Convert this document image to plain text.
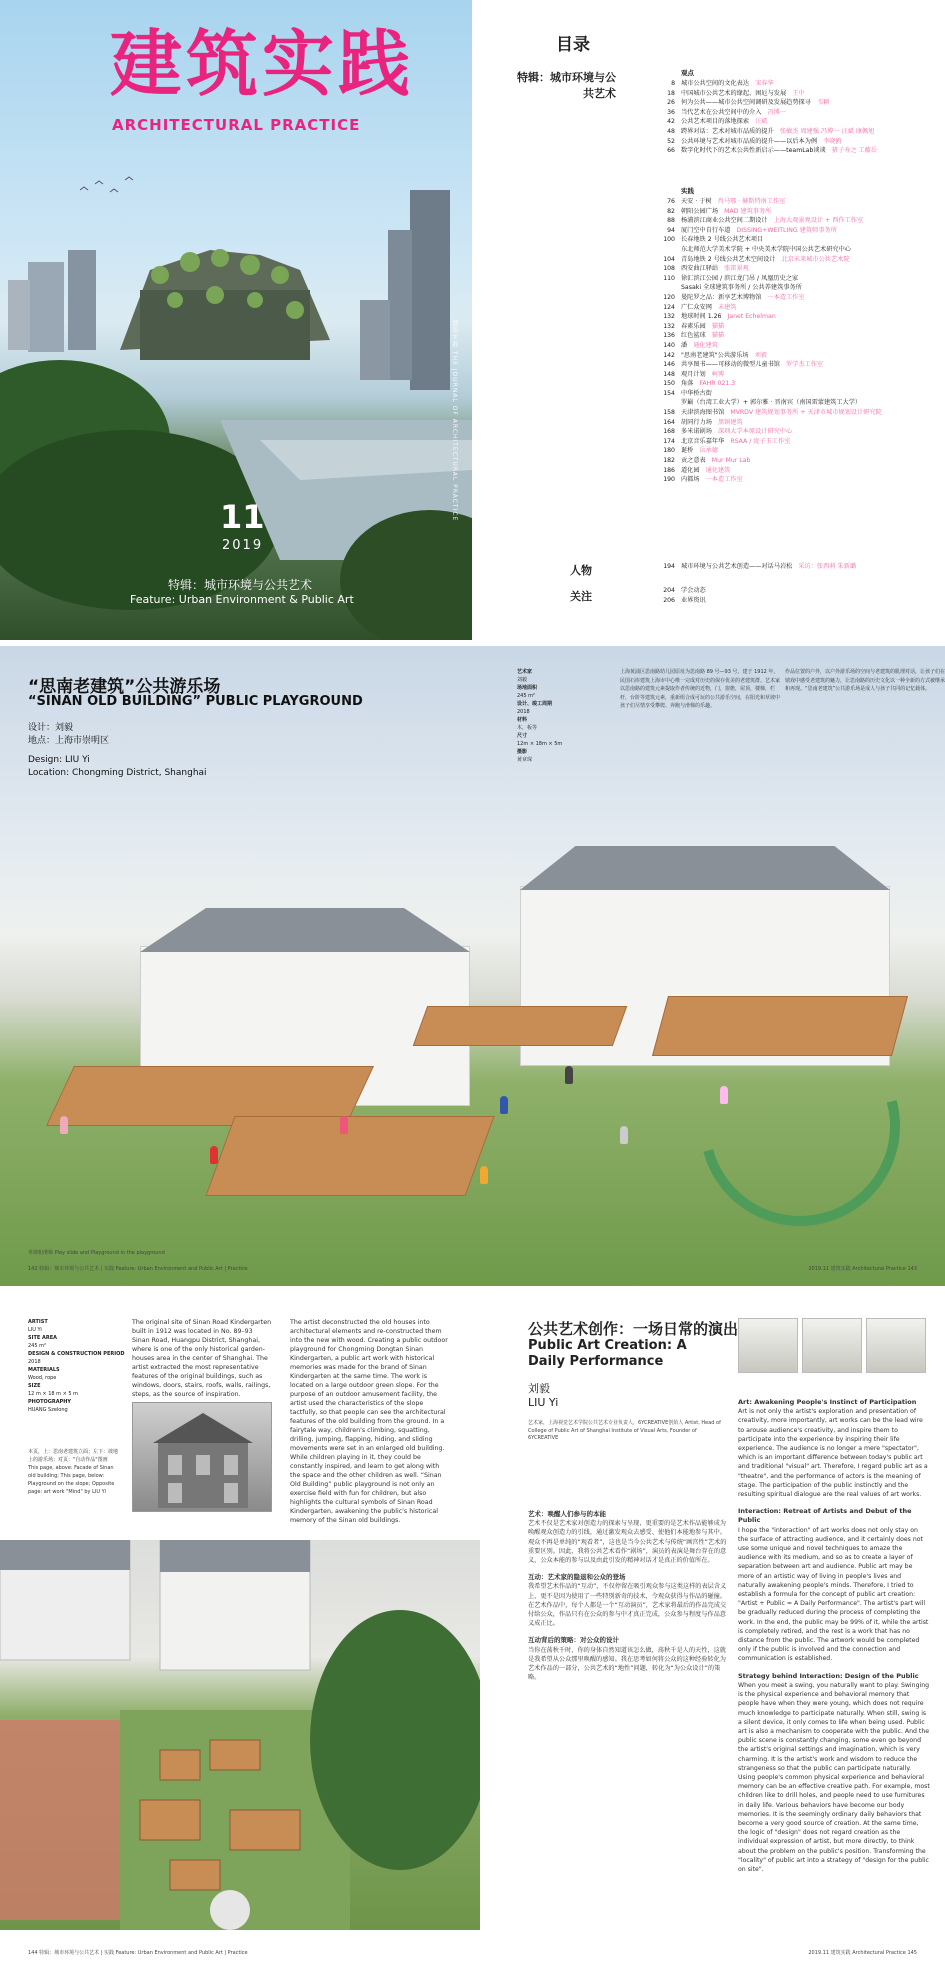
建筑实践
ARCHITECTURAL PRACTICE
11
2019
特辑：城市环境与公共艺术
Feature: Urban Environment & Public Art
建筑实践 THE JOURNAL OF ARCHITECTURAL PRACTICE
目录
特辑：城市环境与公共艺术
观点
8 城市公共空间的文化表达 宋春华
18 中国城市公共艺术的缘起、困厄与发展 王中
26 何为公共——城市公共空间调研及发展趋势探寻 韦颖
36 当代艺术在公共空间中的介入 冯博一
42 公共艺术项目的落地探索 汪斌
48 跨界对话：艺术对城市品质的提升 张敏杰 周建强 冯博一 汪斌 康佩旭
52 公共环境与艺术对城市品质的提升——以后本为例 李晓鸥
66 数字化时代下的艺术公共性新启示——teamLab谈谈 猪子寿之 工藤岳
实践
76 天安 · 于树 肖马鄂 · 赫斯特南工作室
82 朝阳公园广场 MAD 建筑事务所
88 杨浦滨江商业公共空间二期设计 上海大观景观设计 + 西作工作室
94 厦门空中自行车道 DISSING+WEITLING 建筑师事务所
100 长春地铁 2 号线公共艺术项目
东北师范大学美术学院 + 中央美术学院中国公共艺术研究中心
104 青岛地铁 2 号线公共艺术空间设计 北京未来城市公共艺术院
108 西安曲江驿站 张雷景观
110 徐汇滨江公园 / 滨江龙门吊 / 凤凰历史之家
Sasaki 全球建筑事务所 / 公共养建筑事务所
120 曼陀罗之品：新享艺术博物馆 一本造工作室
124 广仁众安网 未建筑
132 地球时间 1.26 Janet Echelman
132 春素乐园 猫猫
136 红色鲨球 猫猫
140 潘 通化建筑
142 "思南老建筑"公共游乐场 刘毅
146 共享图书——可移动的微型儿童书馆 罗学杰工作室
148 观月计划 柯博
150 角落 FAHR 021.3
154 中华桥古街
罗巅（台湾工业大学）+ 郭尔雅 · 晋南宾（南国雷蒙建筑工大学）
158 天津滨海图书馆 MVRDV 建筑规划事务所 + 天津市城市规划设计研究院
164 胡同行力场 黑镇建筑
168 多米诺剧场 深圳大学本原设计研究中心
174 北京音乐嘉年华 RSAA / 庞子玉工作室
180 诞桥 岳承德
182 贡之意表 Mur Mur Lab
186 道化园 通化建筑
190 内都场 一本造工作室
人物	194 城市环境与公共艺术创造——对话马岩松 采访：张西莉 朱新璐
关注	204 学会动态
206 业界资讯
“思南老建筑”公共游乐场
“SINAN OLD BUILDING” PUBLIC PLAYGROUND
设计：刘毅
地点：上海市崇明区
Design: LIU Yi
Location: Chongming District, Shanghai
艺术家
刘毅
场地面积
245 m²
设计、竣工周期
2018
材料
木，板等
尺寸
12m × 18m × 5m
摄影
黄章琛
上海黄浦区思南路幼儿园原址为思南路 89 号—93 号，建于 1912 年，民国石库建筑上海市中心唯一完成对历史的保存优美的老建筑群。艺术家以思南路的建筑元素提取作者传统的近物，门，窗檐，屋顶，楼梯，栏杆，台阶等建筑元素，重新组合成可玩的公共游乐空间，在阳光和草坡中孩子们尽情享受攀爬、奔跑与滑梯的乐趣。
作品位置的户外，以户外游乐场的空间与老建筑的肌理对话，让孩子们在嬉戏中感受老建筑的魅力，让思南路的历史文化以一种全新的方式被继承和再现。“思南老建筑”公共游乐场是成人与孩子共同的记忆载体。
草坡和滑梯 Play slide and Playground in the playground
142 特辑：城市环境与公共艺术 | 实践 Feature: Urban Environment and Public Art | Practice	2019.11 建筑实践 Architectural Practice 143
ARTIST
LIU Yi
SITE AREA
245 m²
DESIGN & CONSTRUCTION PERIOD
2018
MATERIALS
Wood, rope
SIZE
12 m × 18 m × 5 m
PHOTOGRAPHY
HUANG Szelong
The original site of Sinan Road Kindergarten built in 1912 was located in No. 89–93 Sinan Road, Huangpu District, Shanghai, where is one of the only historical garden-houses area in the center of Shanghai. The artist extracted the most representative features of the original buildings, such as windows, doors, stairs, roofs, walls, railings, steps, as the source of inspiration.
The artist deconstructed the old houses into architectural elements and re-constructed them into the new with wood. Creating a public outdoor playground for Chongming Dongtan Sinan Kindergarten, a public art work with historical memories was made for the brand of Sinan Kindergarten at the same time. The work is located on a large outdoor green slope. For the purpose of an outdoor amusement facility, the artist used the characteristics of the slope tactfully, so that people can see the architectural features of the old building from the ground. In a fairytale way, children's climbing, squatting, drilling, jumping, flapping, hiding, and sliding movements were set in an enlarged old building. While children playing in it, they could be constantly inspired, and learn to get along with the space and the other children as well. “Sinan Old Building” public playground is not only an exercise field with fun for children, but also highlights the cultural symbols of Sinan Road Kindergarten, awakening the public's historical memory of the Sinan old buildings.
本页，上：思南老建筑立面；左下：坡地上的游乐场；对页："自动作品"图画 This page, above: Facade of Sinan old building; This page, below: Playground on the slope; Opposite page: art work "Mind" by LIU Yi
公共艺术创作：一场日常的演出
Public Art Creation: A Daily Performance
刘毅
LIU Yi
艺术家，上海视觉艺术学院公共艺术专业负责人，6YCREATIVE创始人 Artist, Head of College of Public Art of Shanghai Institute of Visual Arts, Founder of 6YCREATIVE
艺术：唤醒人们参与的本能
艺术不仅是艺术家对创造力的探索与呈现，更重要的是艺术作品能够成为唤醒观众创造力的引线，通过激发观众去感受、使他们本能地参与其中。观众不再是单纯的“观看者”，这也是当今公共艺术与传统“画宫性”艺术的重要区别。因此，我将公共艺术看作“剧场”，演员的表演是舞台存在的意义，公众本能的参与以及由此引发的精神对话才是真正的价值所在。
互动：艺术家的隐退和公众的登场
我希望艺术作品的“互动”，不仅停留在吸引观众参与这类这样的表层含义上，更不是因为使用了一些特别新奇的技术，令观众获得与作品的碰撞。在艺术作品中，每个人都是一个“互动演员”，艺术家将最后的作品完成交付给公众，作品只有在公众的参与中才真正完成，公众参与程度与作品意义成正比。
互动背后的策略：对公众的设计
当你在荡秋千时，你的身体自然知道该怎么做，荡秋千是人的天性，这就是我希望从公众那里唤醒的感知。我在思考如何将公众的这种经验转化为艺术作品的一部分，公共艺术的“地性”问题，转化为“为公众设计”的策略。
Art: Awakening People's Instinct of Participation
Art is not only the artist's exploration and presentation of creativity, more importantly, art works can be the lead wire to arouse audience's creativity, and inspire them to participate into the experience by inspiring their life experience. The audience is no longer a mere "spectator", which is an important difference between today's public art and traditional "visual" art. Therefore, I regard public art as a "theatre", and the performance of actors is the meaning of stage. The participation of the public instinctly and the resulting spiritual dialogue are the real values of art works.
Interaction: Retreat of Artists and Debut of the Public
I hope the "interaction" of art works does not only stay on the surface of attracting audience, and it certainly does not use some unique and novel techniques to amaze the audience with its medium, and so as to create a layer of separation between art and audience. Public art may be more of an artistic way of living in people's lives and naturally awakening people's minds. Therefore, I tried to establish a formula for the concept of public art creation: "Artist + Public = A Daily Performance". The artist's part will be gradually reduced during the process of completing the work. In the end, the public may be 99% of it, while the artist is completely retired, and the rest is a work that has no distance from the public. The artwork would be completed only if the public is involved and the connection and communication is established.
Strategy behind Interaction: Design of the Public
When you meet a swing, you naturally want to play. Swinging is the physical experience and behavioral memory that people have when they were young, which does not require much knowledge to participate naturally. When still, swing is a silent device, it only comes to life when being used. Public art is also a mechanism to cooperate with the public. And the public scene is constantly changing, some even go beyond the artist's original settings and imagination, which is very charming. It is the artist's work and wisdom to reduce the strangeness so that the public can participate naturally. Using people's common physical experience and behavioral memory can be an effective creative path. For example, most children like to drill holes, and people need to use furnitures in daily life. Various behaviors have become our body memories. It is the seemingly ordinary daily behaviors that become a very good source of creation. At the same time, the logic of "design" does not regard creation as the individual expression of artist, but more directly, to think about the problem on the public's position. Transforming the "locality" of public art into a strategy of "design for the public on site".
144 特辑：城市环境与公共艺术 | 实践 Feature: Urban Environment and Public Art | Practice	2019.11 建筑实践 Architectural Practice 145
